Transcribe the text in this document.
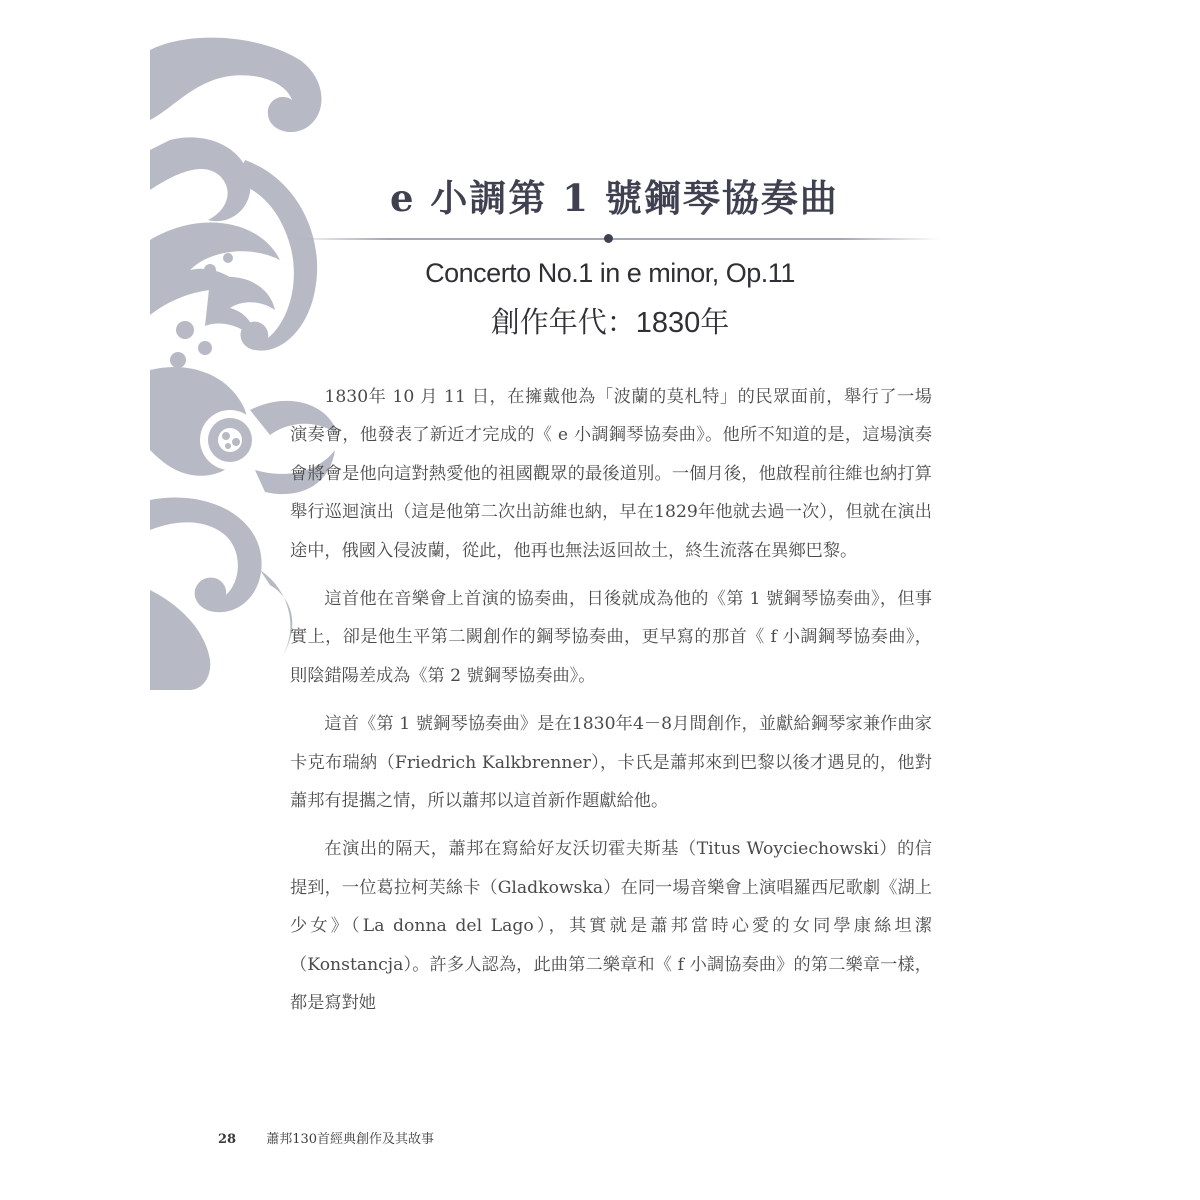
e 小調第 1 號鋼琴協奏曲
Concerto No.1 in e minor, Op.11
創作年代：1830年

1830年 10 月 11 日，在擁戴他為「波蘭的莫札特」的民眾面前，舉行了一場演奏會，他發表了新近才完成的《 e 小調鋼琴協奏曲》。他所不知道的是，這場演奏會將會是他向這對熱愛他的祖國觀眾的最後道別。一個月後，他啟程前往維也納打算舉行巡迴演出（這是他第二次出訪維也納，早在1829年他就去過一次），但就在演出途中，俄國入侵波蘭，從此，他再也無法返回故土，終生流落在異鄉巴黎。

這首他在音樂會上首演的協奏曲，日後就成為他的《第 1 號鋼琴協奏曲》，但事實上，卻是他生平第二闕創作的鋼琴協奏曲，更早寫的那首《 f 小調鋼琴協奏曲》，則陰錯陽差成為《第 2 號鋼琴協奏曲》。

這首《第 1 號鋼琴協奏曲》是在1830年4－8月間創作，並獻給鋼琴家兼作曲家卡克布瑞納（Friedrich Kalkbrenner），卡氏是蕭邦來到巴黎以後才遇見的，他對蕭邦有提攜之情，所以蕭邦以這首新作題獻給他。

在演出的隔天，蕭邦在寫給好友沃切霍夫斯基（Titus Woyciechowski）的信提到，一位葛拉柯芙絲卡（Gladkowska）在同一場音樂會上演唱羅西尼歌劇《湖上少女》（La donna del Lago），其實就是蕭邦當時心愛的女同學康絲坦潔（Konstancja）。許多人認為，此曲第二樂章和《 f 小調協奏曲》的第二樂章一樣，都是寫對她

28 蕭邦130首經典創作及其故事
